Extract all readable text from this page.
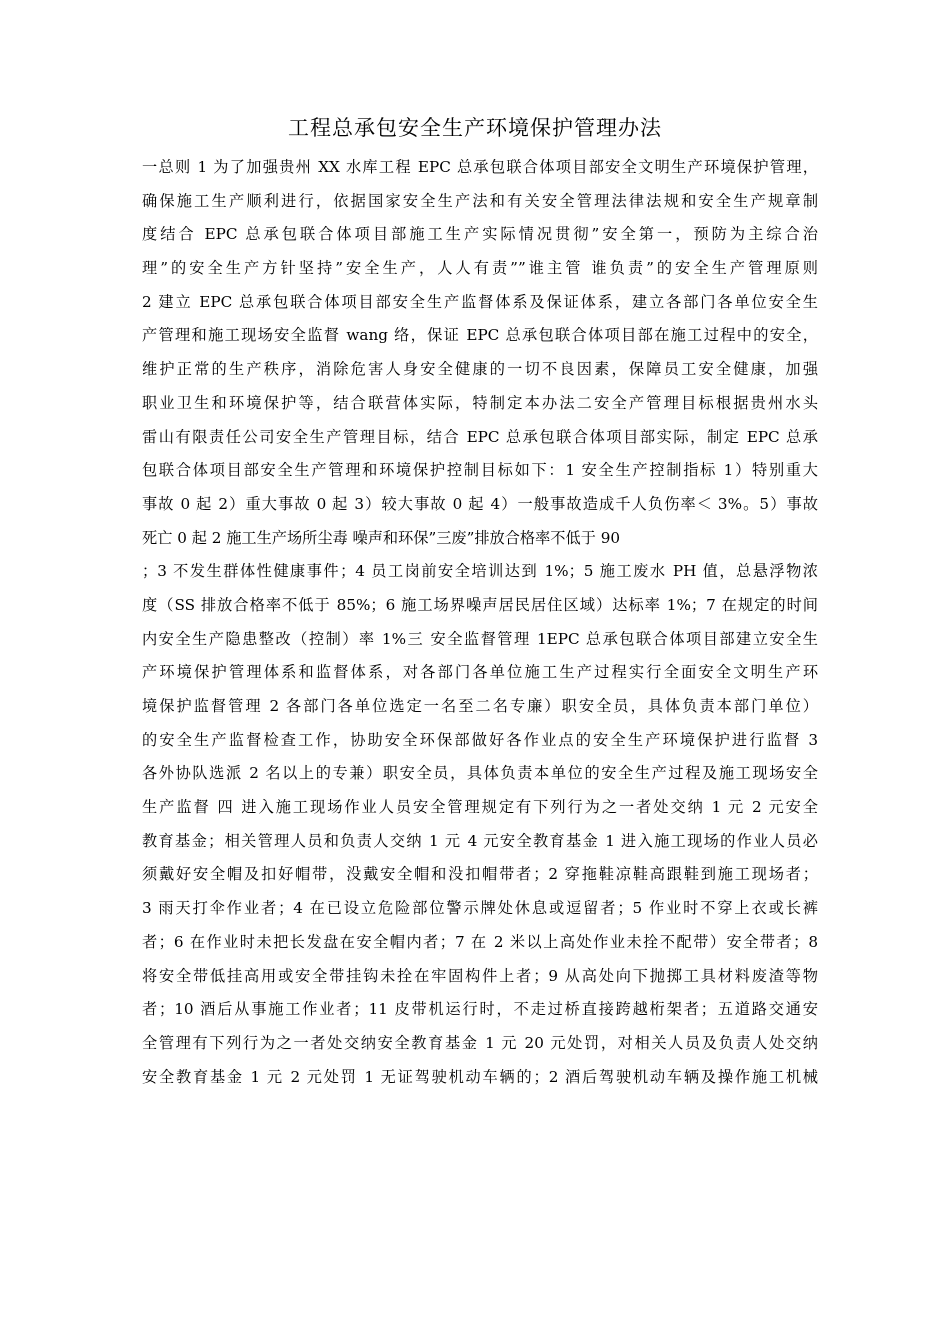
工程总承包安全生产环境保护管理办法
一总则 1 为了加强贵州 XX 水库工程 EPC 总承包联合体项目部安全文明生产环境保护管理，
确保施工生产顺利进行，依据国家安全生产法和有关安全管理法律法规和安全生产规章制
度结合 EPC 总承包联合体项目部施工生产实际情况贯彻”安全第一，预防为主综合治
理”的安全生产方针坚持”安全生产，人人有责””谁主管 谁负责”的安全生产管理原则
2 建立 EPC 总承包联合体项目部安全生产监督体系及保证体系，建立各部门各单位安全生
产管理和施工现场安全监督 wang 络，保证 EPC 总承包联合体项目部在施工过程中的安全，
维护正常的生产秩序，消除危害人身安全健康的一切不良因素，保障员工安全健康，加强
职业卫生和环境保护等，结合联营体实际，特制定本办法二安全产管理目标根据贵州水头
雷山有限责任公司安全生产管理目标，结合 EPC 总承包联合体项目部实际，制定 EPC 总承
包联合体项目部安全生产管理和环境保护控制目标如下：1 安全生产控制指标 1）特别重大
事故 0 起 2）重大事故 0 起 3）较大事故 0 起 4）一般事故造成千人负伤率＜ 3%。5）事故
死亡 0 起 2 施工生产场所尘毒 噪声和环保”三废”排放合格率不低于 90
；3 不发生群体性健康事件；4 员工岗前安全培训达到 1%；5 施工废水 PH 值，总悬浮物浓
度（SS 排放合格率不低于 85%；6 施工场界噪声居民居住区域）达标率 1%；7 在规定的时间
内安全生产隐患整改（控制）率 1%三 安全监督管理 1EPC 总承包联合体项目部建立安全生
产环境保护管理体系和监督体系，对各部门各单位施工生产过程实行全面安全文明生产环
境保护监督管理 2 各部门各单位选定一名至二名专廉）职安全员，具体负责本部门单位）
的安全生产监督检查工作，协助安全环保部做好各作业点的安全生产环境保护进行监督 3
各外协队选派 2 名以上的专兼）职安全员，具体负责本单位的安全生产过程及施工现场安全
生产监督 四 进入施工现场作业人员安全管理规定有下列行为之一者处交纳 1 元 2 元安全
教育基金；相关管理人员和负责人交纳 1 元 4 元安全教育基金 1 进入施工现场的作业人员必
须戴好安全帽及扣好帽带，没戴安全帽和没扣帽带者；2 穿拖鞋凉鞋高跟鞋到施工现场者；
3 雨天打伞作业者；4 在已设立危险部位警示牌处休息或逗留者；5 作业时不穿上衣或长裤
者；6 在作业时未把长发盘在安全帽内者；7 在 2 米以上高处作业未拴不配带）安全带者；8
将安全带低挂高用或安全带挂钩未拴在牢固构件上者；9 从高处向下抛掷工具材料废渣等物
者；10 酒后从事施工作业者；11 皮带机运行时，不走过桥直接跨越桁架者；五道路交通安
全管理有下列行为之一者处交纳安全教育基金 1 元 20 元处罚，对相关人员及负责人处交纳
安全教育基金 1 元 2 元处罚 1 无证驾驶机动车辆的；2 酒后驾驶机动车辆及操作施工机械
